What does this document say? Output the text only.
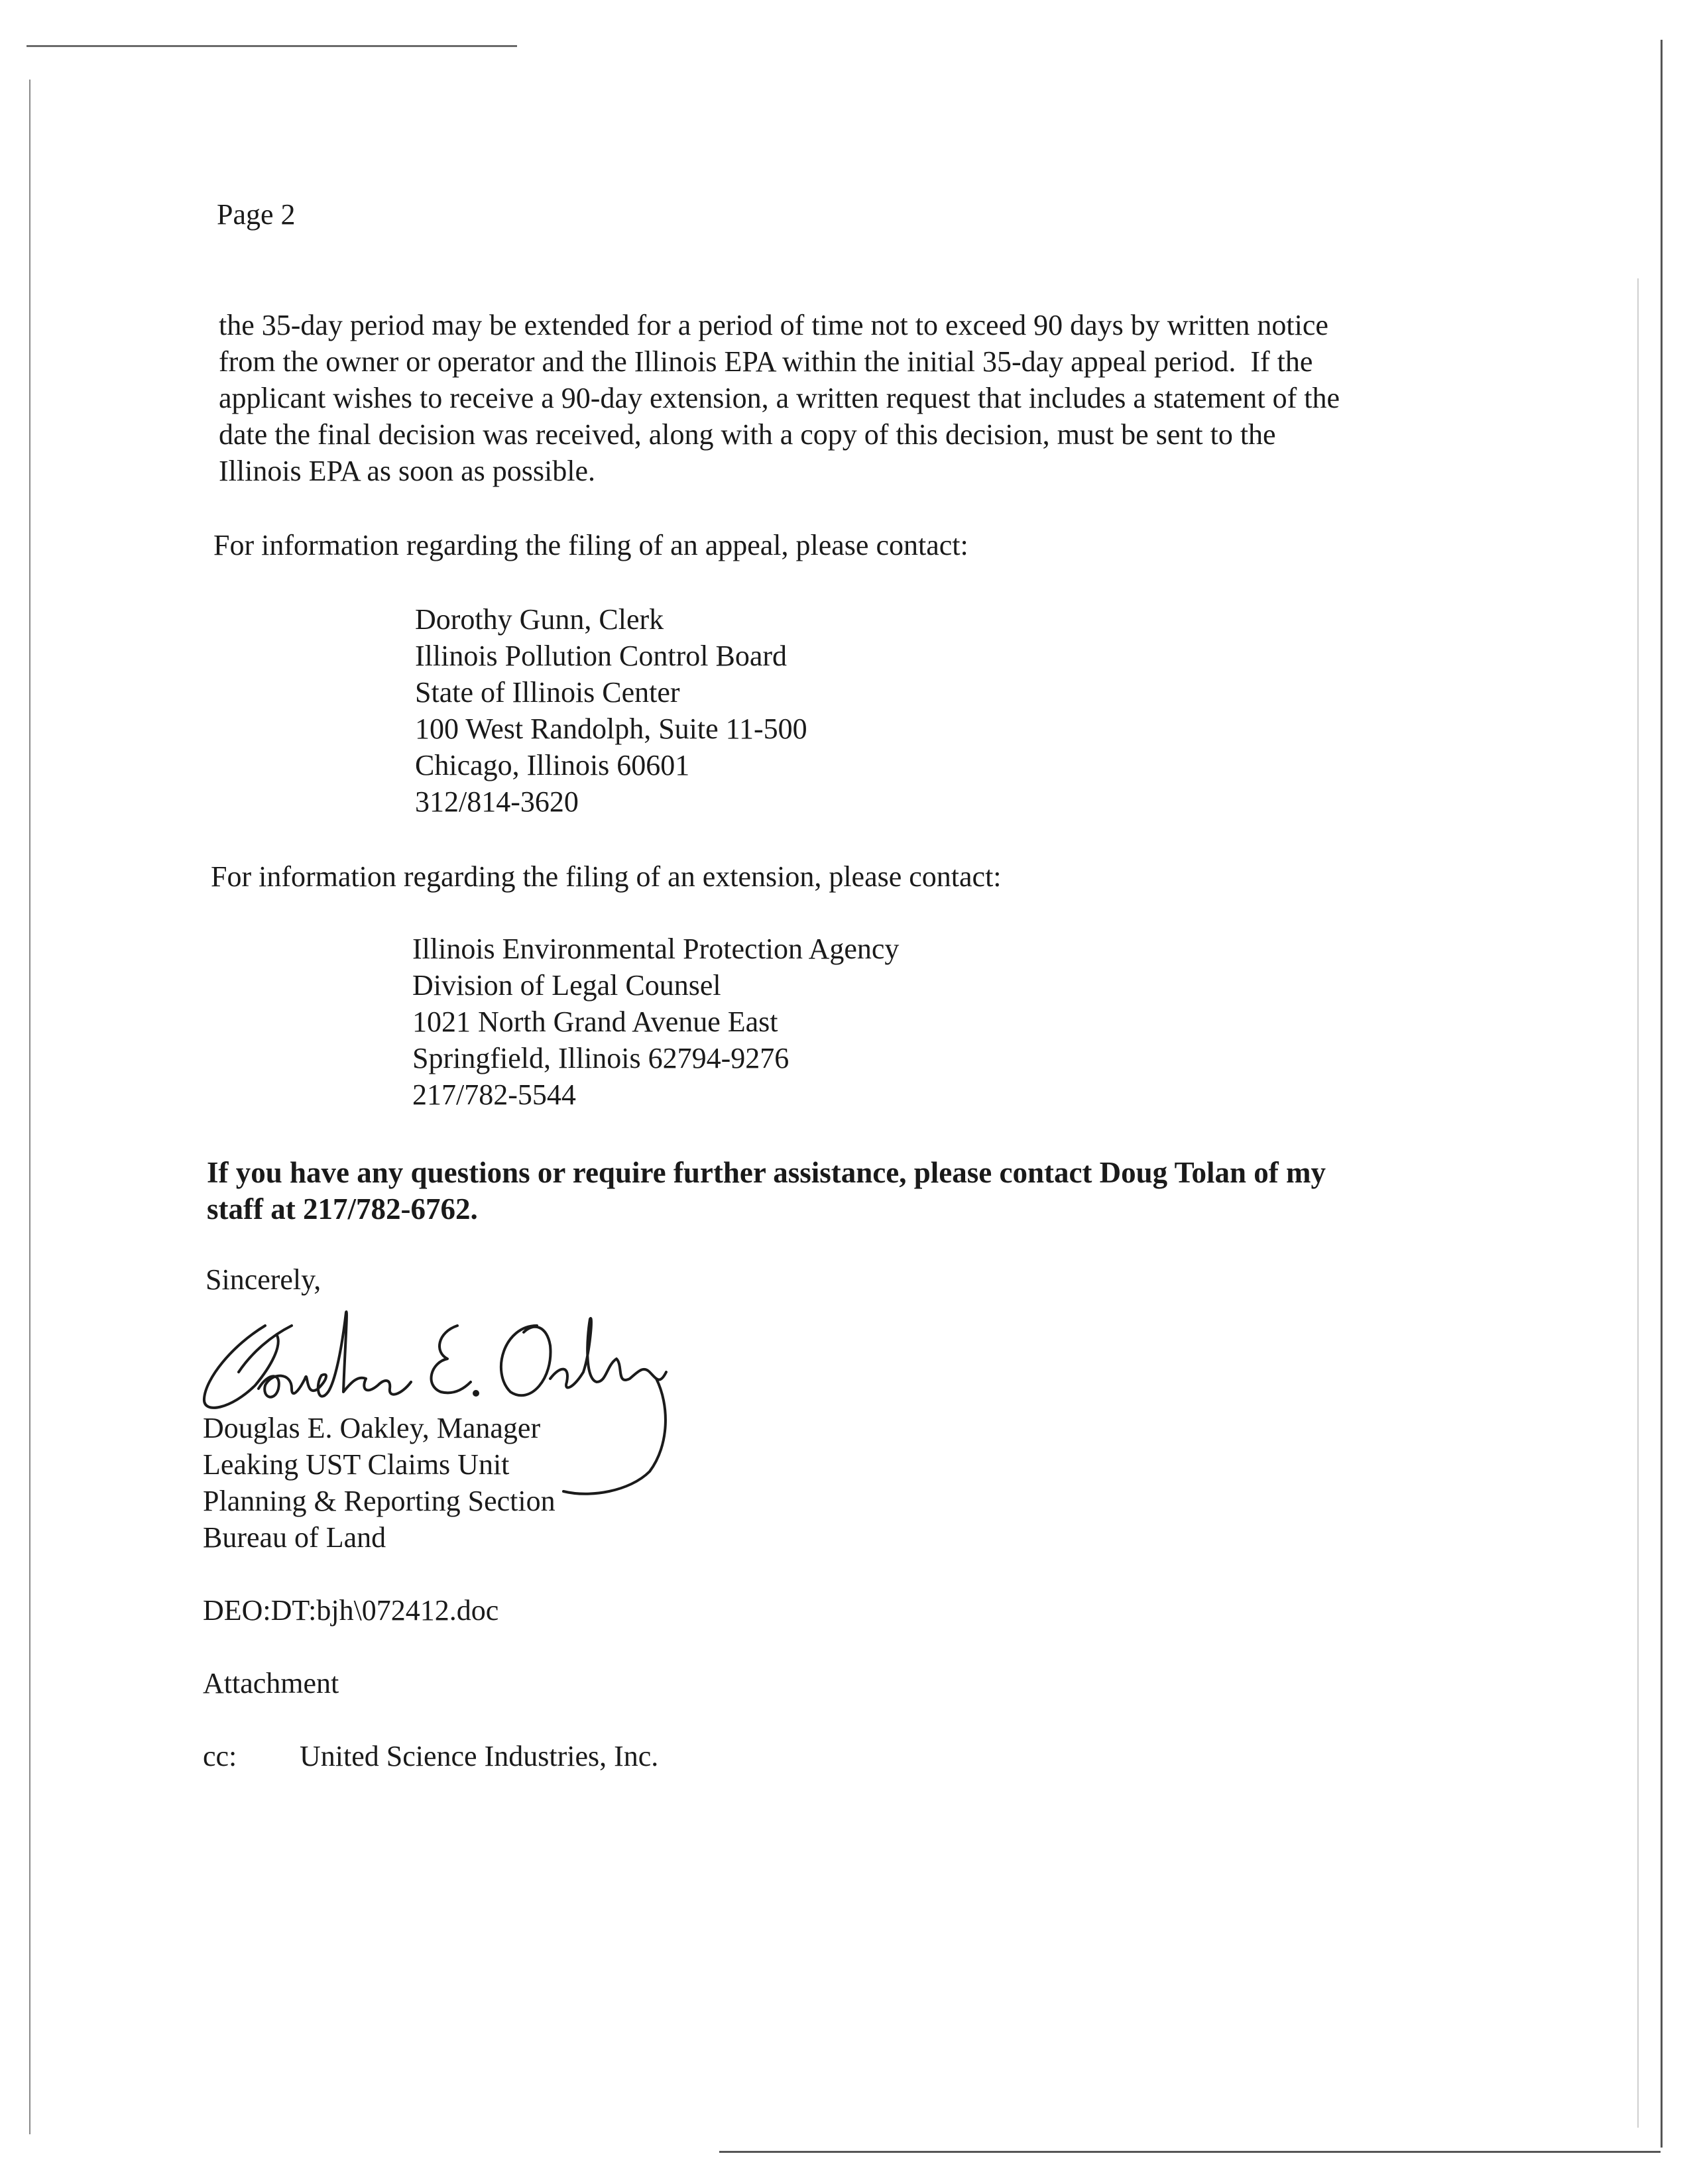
Page 2
the 35-day period may be extended for a period of time not to exceed 90 days by written notice
from the owner or operator and the Illinois EPA within the initial 35-day appeal period.  If the
applicant wishes to receive a 90-day extension, a written request that includes a statement of the
date the final decision was received, along with a copy of this decision, must be sent to the
Illinois EPA as soon as possible.
For information regarding the filing of an appeal, please contact:
Dorothy Gunn, Clerk
Illinois Pollution Control Board
State of Illinois Center
100 West Randolph, Suite 11-500
Chicago, Illinois 60601
312/814-3620
For information regarding the filing of an extension, please contact:
Illinois Environmental Protection Agency
Division of Legal Counsel
1021 North Grand Avenue East
Springfield, Illinois 62794-9276
217/782-5544
If you have any questions or require further assistance, please contact Doug Tolan of my
staff at 217/782-6762.
Sincerely,
Douglas E. Oakley, Manager
Leaking UST Claims Unit
Planning & Reporting Section
Bureau of Land
DEO:DT:bjh\072412.doc
Attachment
cc: United Science Industries, Inc.
